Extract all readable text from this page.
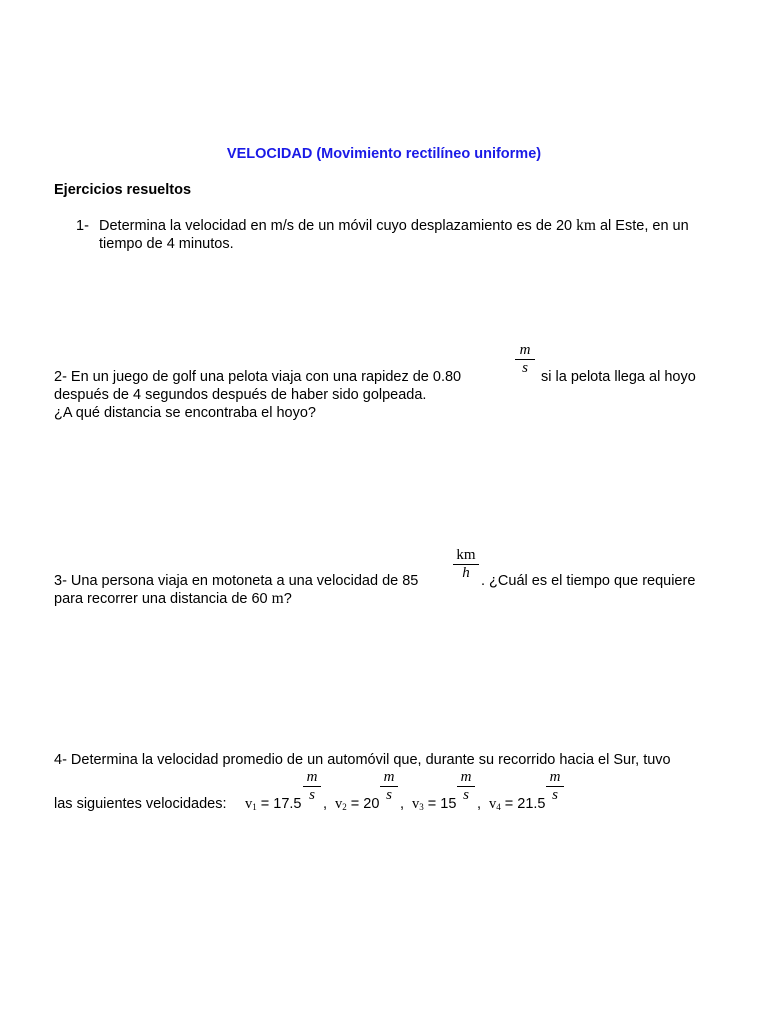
VELOCIDAD (Movimiento rectilíneo uniforme)
Ejercicios resueltos
1- Determina la velocidad en m/s de un móvil cuyo desplazamiento es de 20 km al Este, en un
tiempo de 4 minutos.
2- En un juego de golf una pelota viaja con una rapidez de 0.80
m
s
si la pelota llega al hoyo
después de 4 segundos después de haber sido golpeada.
¿A qué distancia se encontraba el hoyo?
3- Una persona viaja en motoneta a una velocidad de 85
km
h . ¿Cuál es el tiempo que requiere
para recorrer una distancia de 60 m?
4- Determina la velocidad promedio de un automóvil que, durante su recorrido hacia el Sur, tuvo
las siguientes velocidades: $v_1 = 17.5$
m
s
, $v_2 = 20$
m
s
, $v_3 = 15$
m
s
, $v_4 = 21.5$
m
s
